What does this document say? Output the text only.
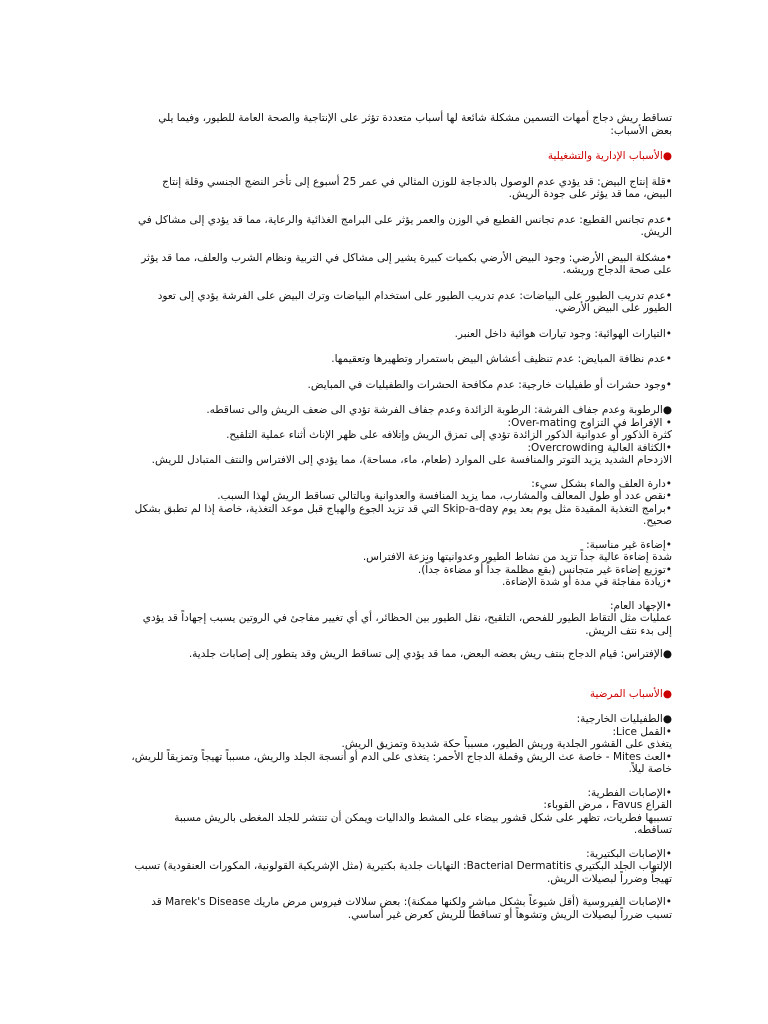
تساقط ريش دجاج أمهات التسمين مشكلة شائعة لها أسباب متعددة تؤثر على الإنتاجية والصحة العامة للطيور، وفيما يلي
بعض الأسباب:
●الأسباب الإدارية والتشغيلية
•قلة إنتاج البيض: قد يؤدي عدم الوصول بالدجاجة للوزن المثالي في عمر 25 أسبوع إلى تأخر النضج الجنسي وقلة إنتاج
البيض، مما قد يؤثر على جودة الريش.
•عدم تجانس القطيع: عدم تجانس القطيع في الوزن والعمر يؤثر على البرامج الغذائية والرعاية، مما قد يؤدي إلى مشاكل في
الريش.
•مشكلة البيض الأرضي: وجود البيض الأرضي بكميات كبيرة يشير إلى مشاكل في التربية ونظام الشرب والعلف، مما قد يؤثر
على صحة الدجاج وريشه.
•عدم تدريب الطيور على البياضات: عدم تدريب الطيور على استخدام البياضات وترك البيض على الفرشة يؤدي إلى تعود
الطيور على البيض الأرضي.
•التيارات الهوائية: وجود تيارات هوائية داخل العنبر.
•عدم نظافة المبايض: عدم تنظيف أعشاش البيض باستمرار وتطهيرها وتعقيمها.
•وجود حشرات أو طفيليات خارجية: عدم مكافحة الحشرات والطفيليات في المبايض.
●الرطوبة وعدم جفاف الفرشة: الرطوبة الزائدة وعدم جفاف الفرشة تؤدي الى ضعف الريش والى تساقطه.
• الإفراط في التزاوج Over-mating:
كثرة الذكور أو عدوانية الذكور الزائدة تؤدي إلى تمزق الريش وإتلافه على ظهر الإناث أثناء عملية التلقيح.
•الكثافة العالية Overcrowding:
الازدحام الشديد يزيد التوتر والمنافسة على الموارد (طعام، ماء، مساحة)، مما يؤدي إلى الافتراس والنتف المتبادل للريش.
•دارة العلف والماء بشكل سيء:
•نقص عدد أو طول المعالف والمشارب، مما يزيد المنافسة والعدوانية وبالتالي تساقط الريش لهذا السبب.
•برامج التغذية المقيدة مثل يوم بعد يوم Skip-a-day التي قد تزيد الجوع والهياج قبل موعد التغذية، خاصة إذا لم تطبق بشكل
صحيح.
•إضاءة غير مناسبة:
شدة إضاءة عالية جداً تزيد من نشاط الطيور وعدوانيتها ونزعة الافتراس.
•توزيع إضاءة غير متجانس (بقع مظلمة جداً أو مضاءة جداً).
•زيادة مفاجئة في مدة أو شدة الإضاءة.
•الإجهاد العام:
عمليات مثل التقاط الطيور للفحص، التلقيح، نقل الطيور بين الحظائر، أي أي تغيير مفاجئ في الروتين يسبب إجهاداً قد يؤدي
إلى بدء نتف الريش.
●الإفتراس: قيام الدجاج بنتف ريش بعضه البعض، مما قد يؤدي إلى تساقط الريش وقد يتطور إلى إصابات جلدية.
●الأسباب المرضية
●الطفيليات الخارجية:
•القمل Lice:
يتغذى على القشور الجلدية وريش الطيور، مسبباً حكة شديدة وتمزيق الريش.
•العث Mites - خاصة عث الريش وقملة الدجاج الأحمر: يتغذى على الدم أو أنسجة الجلد والريش، مسبباً تهيجاً وتمزيقاً للريش،
خاصة ليلاً.
•الإصابات الفطرية:
القراع Favus ، مرض القوباء:
تسببها فطريات، تظهر على شكل قشور بيضاء على المشط والداليات ويمكن أن تنتشر للجلد المغطى بالريش مسببة
تساقطه.
•الإصابات البكتيرية:
الإلتهاب الجلد البكتيري Bacterial Dermatitis: التهابات جلدية بكتيرية (مثل الإشريكية القولونية، المكورات العنقودية) تسبب
تهيجاً وضرراً لبصيلات الريش.
•الإصابات الفيروسية (أقل شيوعاً بشكل مباشر ولكنها ممكنة): بعض سلالات فيروس مرض ماريك Marek's Disease قد
تسبب ضرراً لبصيلات الريش وتشوهاً أو تساقطاً للريش كعرض غير أساسي.
